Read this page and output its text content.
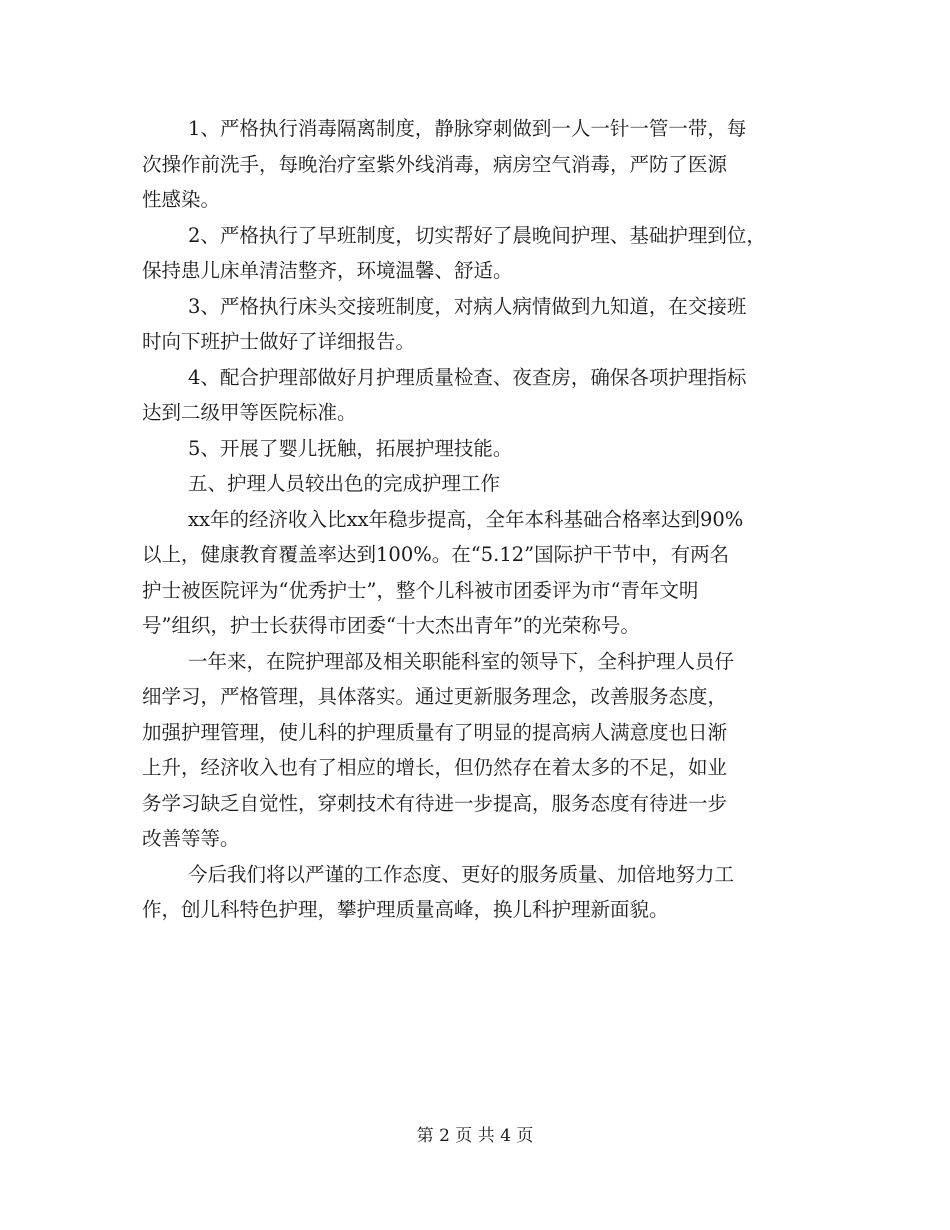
1、严格执行消毒隔离制度，静脉穿刺做到一人一针一管一带，每
次操作前洗手，每晚治疗室紫外线消毒，病房空气消毒，严防了医源
性感染。
2、严格执行了早班制度，切实帮好了晨晚间护理、基础护理到位，
保持患儿床单清洁整齐，环境温馨、舒适。
3、严格执行床头交接班制度，对病人病情做到九知道，在交接班
时向下班护士做好了详细报告。
4、配合护理部做好月护理质量检查、夜查房，确保各项护理指标
达到二级甲等医院标准。
5、开展了婴儿抚触，拓展护理技能。
五、护理人员较出色的完成护理工作
xx年的经济收入比xx年稳步提高，全年本科基础合格率达到90%
以上，健康教育覆盖率达到100%。在“5.12”国际护干节中，有两名
护士被医院评为“优秀护士”，整个儿科被市团委评为市“青年文明
号”组织，护士长获得市团委“十大杰出青年”的光荣称号。
一年来，在院护理部及相关职能科室的领导下，全科护理人员仔
细学习，严格管理，具体落实。通过更新服务理念，改善服务态度，
加强护理管理，使儿科的护理质量有了明显的提高病人满意度也日渐
上升，经济收入也有了相应的增长，但仍然存在着太多的不足，如业
务学习缺乏自觉性，穿刺技术有待进一步提高，服务态度有待进一步
改善等等。
今后我们将以严谨的工作态度、更好的服务质量、加倍地努力工
作，创儿科特色护理，攀护理质量高峰，换儿科护理新面貌。
第 2 页 共 4 页
